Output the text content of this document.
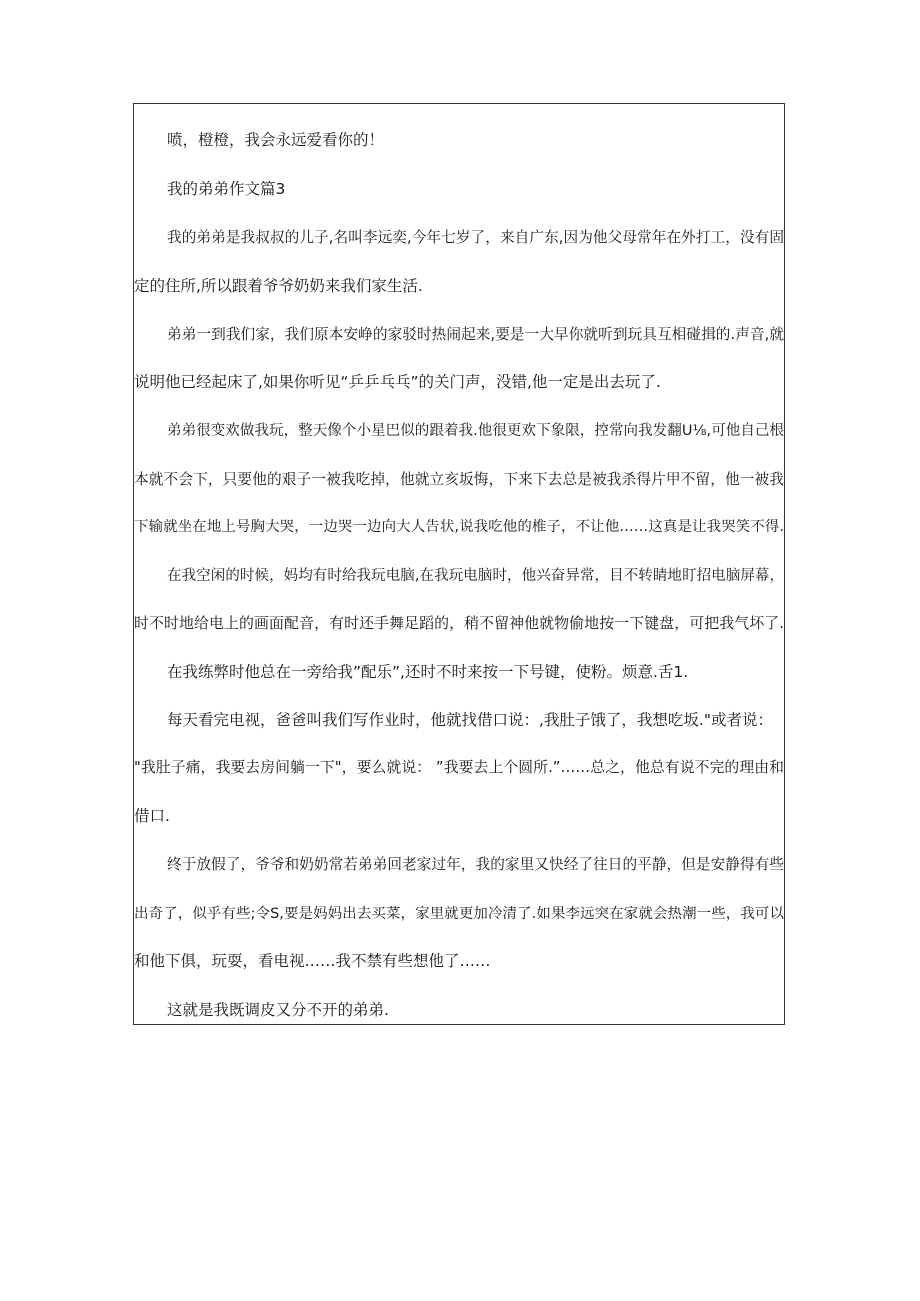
喷，橙橙，我会永远爱看你的！
我的弟弟作文篇3
我的弟弟是我叔叔的儿子,名叫李远奕,今年七岁了，来自广东,因为他父母常年在外打工，没有固
定的住所,所以跟着爷爷奶奶来我们家生活.
弟弟一到我们家，我们原本安峥的家驳时热闹起来,要是一大早你就听到玩具互相碰揖的.声音,就
说明他已经起床了,如果你听见“乒乒乓乓”的关门声，没错,他一定是出去玩了.
弟弟很变欢做我玩，整天像个小星巴似的跟着我.他很更欢下象限，控常向我发翻U⅛,可他自己根
本就不会下，只要他的艰子一被我吃掉，他就立亥坂悔，下来下去总是被我杀得片甲不留，他一被我
下输就坐在地上号胸大哭，一边哭一边向大人告状,说我吃他的椎子，不让他……这真是让我哭笑不得.
在我空闲的时候，妈均有时给我玩电脑,在我玩电脑时，他兴奋异常，目不转睛地盯招电脑屏幕，
时不时地给电上的画面配音，有时还手舞足蹈的，稍不留神他就物偷地按一下键盘，可把我气坏了.
在我练弊时他总在一旁给我”配乐”,还时不时来按一下号键，使粉。烦意.舌1.
每天看完电视，爸爸叫我们写作业时，他就找借口说：,我肚子饿了，我想吃坂."或者说：
"我肚子痛，我要去房间躺一下"，要么就说： ”我要去上个圆所.”……总之，他总有说不完的理由和
借口.
终于放假了，爷爷和奶奶常若弟弟回老家过年，我的家里又快经了往日的平静，但是安静得有些
出奇了，似乎有些;令S,要是妈妈出去买菜，家里就更加冷清了.如果李远突在家就会热潮一些，我可以
和他下俱，玩耍，看电视……我不禁有些想他了……
这就是我既调皮又分不开的弟弟.
